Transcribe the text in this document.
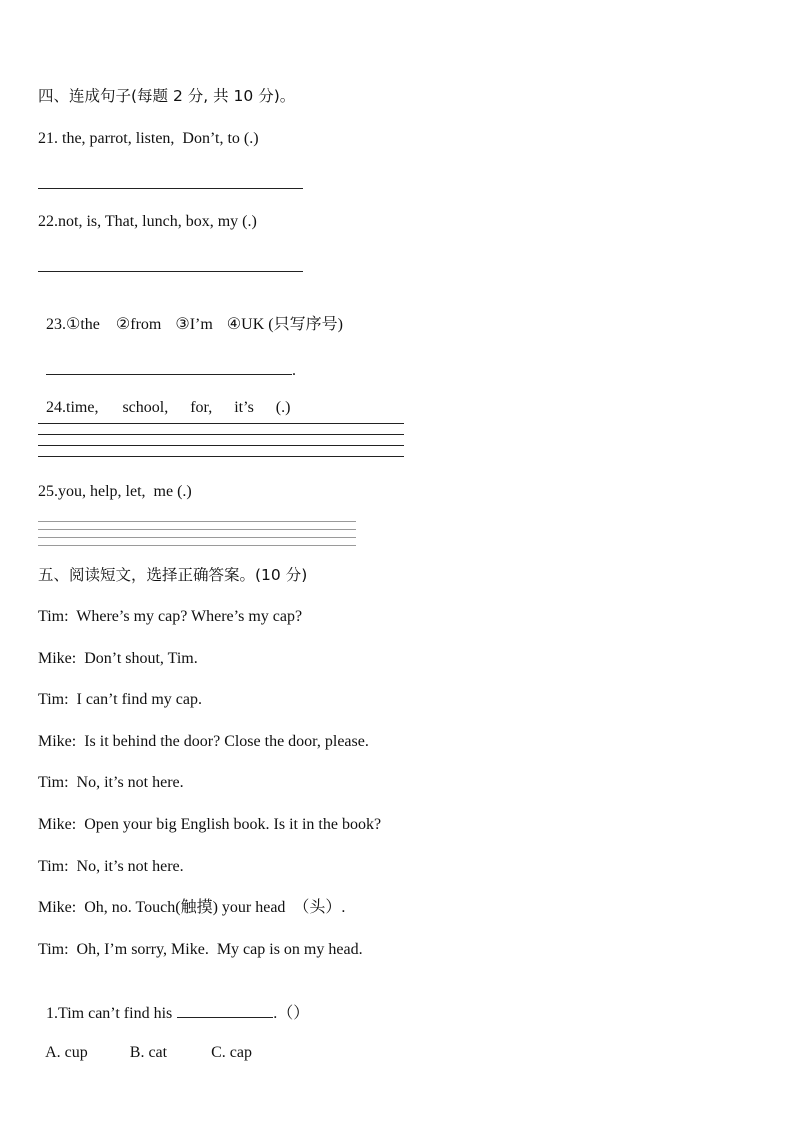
四、连成句子(每题 2 分, 共 10 分)。
21. the, parrot, listen,  Don’t, to (.)
22.not, is, That, lunch, box, my (.)

23.①the ②from ③I’m ④UK (只写序号)

.

24.time, school, for, it’s (.)

25.you, help, let,  me (.)
五、阅读短文，选择正确答案。(10 分)
Tim:  Where’s my cap? Where’s my cap?
Mike:  Don’t shout, Tim.
Tim:  I can’t find my cap.
Mike:  Is it behind the door? Close the door, please.
Tim:  No, it’s not here.
Mike:  Open your big English book. Is it in the book?
Tim:  No, it’s not here.
Mike:  Oh, no. Touch(触摸) your head  （头）.
Tim:  Oh, I’m sorry, Mike.  My cap is on my head.

1.Tim can’t find his	.（）

A. cup	B. cat	C. cap
